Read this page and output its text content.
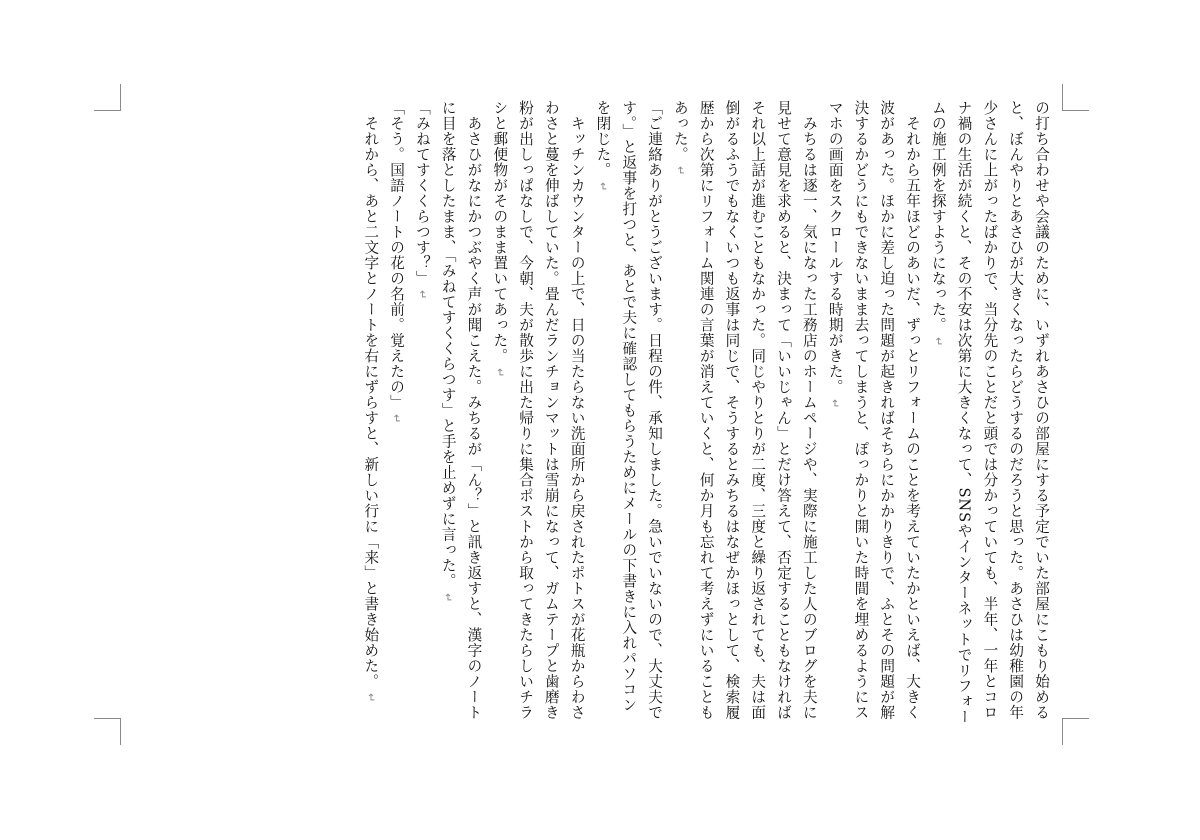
の打ち合わせや会議のために、いずれあさひの部屋にする予定でいた部屋にこもり始める
と、ぼんやりとあさひが大きくなったらどうするのだろうと思った。あさひは幼稚園の年
少さんに上がったばかりで、当分先のことだと頭では分かっていても、半年、一年とコロ
ナ禍の生活が続くと、その不安は次第に大きくなって、SNSやインターネットでリフォー
ムの施工例を探すようになった。↵
　それから五年ほどのあいだ、ずっとリフォームのことを考えていたかといえば、大きく
波があった。ほかに差し迫った問題が起きればそちらにかかりきりで、ふとその問題が解
決するかどうにもできないまま去ってしまうと、ぽっかりと開いた時間を埋めるようにス
マホの画面をスクロールする時期がきた。↵
　みちるは逐一、気になった工務店のホームページや、実際に施工した人のブログを夫に
見せて意見を求めると、決まって「いいじゃん」とだけ答えて、否定することもなければ
それ以上話が進むこともなかった。同じやりとりが二度、三度と繰り返されても、夫は面
倒がるふうでもなくいつも返事は同じで、そうするとみちるはなぜかほっとして、検索履
歴から次第にリフォーム関連の言葉が消えていくと、何か月も忘れて考えずにいることも
あった。↵
「ご連絡ありがとうございます。日程の件、承知しました。急いでいないので、大丈夫で
す。」と返事を打つと、あとで夫に確認してもらうためにメールの下書きに入れパソコン
を閉じた。↵
　キッチンカウンターの上で、日の当たらない洗面所から戻されたポトスが花瓶からわさ
わさと蔓を伸ばしていた。畳んだランチョンマットは雪崩になって、ガムテープと歯磨き
粉が出しっぱなしで、今朝、夫が散歩に出た帰りに集合ポストから取ってきたらしいチラ
シと郵便物がそのまま置いてあった。↵
　あさひがなにかつぶやく声が聞こえた。みちるが「ん？」と訊き返すと、漢字のノート
に目を落としたまま、「みねてすくくらつす」と手を止めずに言った。↵
「みねてすくくらつす？」↵
「そう。国語ノートの花の名前。覚えたの」↵
　それから、あと二文字とノートを右にずらすと、新しい行に「来」と書き始めた。↵
